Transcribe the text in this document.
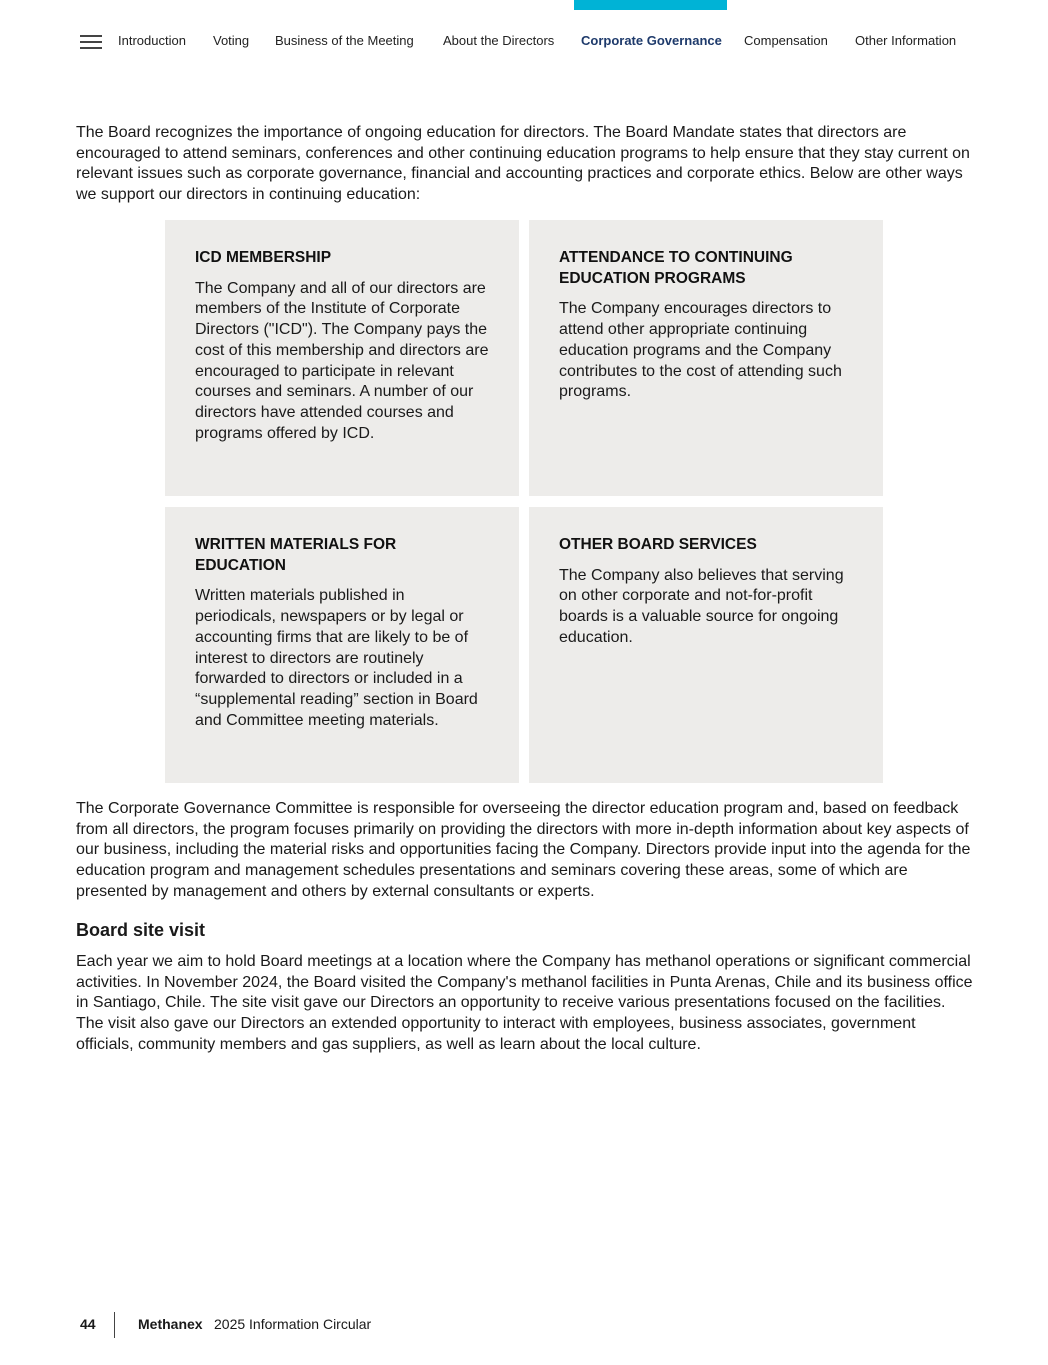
Introduction Voting Business of the Meeting About the Directors Corporate Governance Compensation Other Information

The Board recognizes the importance of ongoing education for directors. The Board Mandate states that directors are encouraged to attend seminars, conferences and other continuing education programs to help ensure that they stay current on relevant issues such as corporate governance, financial and accounting practices and corporate ethics. Below are other ways we support our directors in continuing education:

ICD MEMBERSHIP

The Company and all of our directors are members of the Institute of Corporate Directors ("ICD"). The Company pays the cost of this membership and directors are encouraged to participate in relevant courses and seminars. A number of our directors have attended courses and programs offered by ICD.

ATTENDANCE TO CONTINUING EDUCATION PROGRAMS

The Company encourages directors to attend other appropriate continuing education programs and the Company contributes to the cost of attending such programs.

WRITTEN MATERIALS FOR EDUCATION

Written materials published in periodicals, newspapers or by legal or accounting firms that are likely to be of interest to directors are routinely forwarded to directors or included in a “supplemental reading” section in Board and Committee meeting materials.

OTHER BOARD SERVICES

The Company also believes that serving on other corporate and not-for-profit boards is a valuable source for ongoing education.

The Corporate Governance Committee is responsible for overseeing the director education program and, based on feedback from all directors, the program focuses primarily on providing the directors with more in-depth information about key aspects of our business, including the material risks and opportunities facing the Company. Directors provide input into the agenda for the education program and management schedules presentations and seminars covering these areas, some of which are presented by management and others by external consultants or experts.

Board site visit

Each year we aim to hold Board meetings at a location where the Company has methanol operations or significant commercial activities. In November 2024, the Board visited the Company's methanol facilities in Punta Arenas, Chile and its business office in Santiago, Chile. The site visit gave our Directors an opportunity to receive various presentations focused on the facilities. The visit also gave our Directors an extended opportunity to interact with employees, business associates, government officials, community members and gas suppliers, as well as learn about the local culture.

44	Methanex 2025 Information Circular
